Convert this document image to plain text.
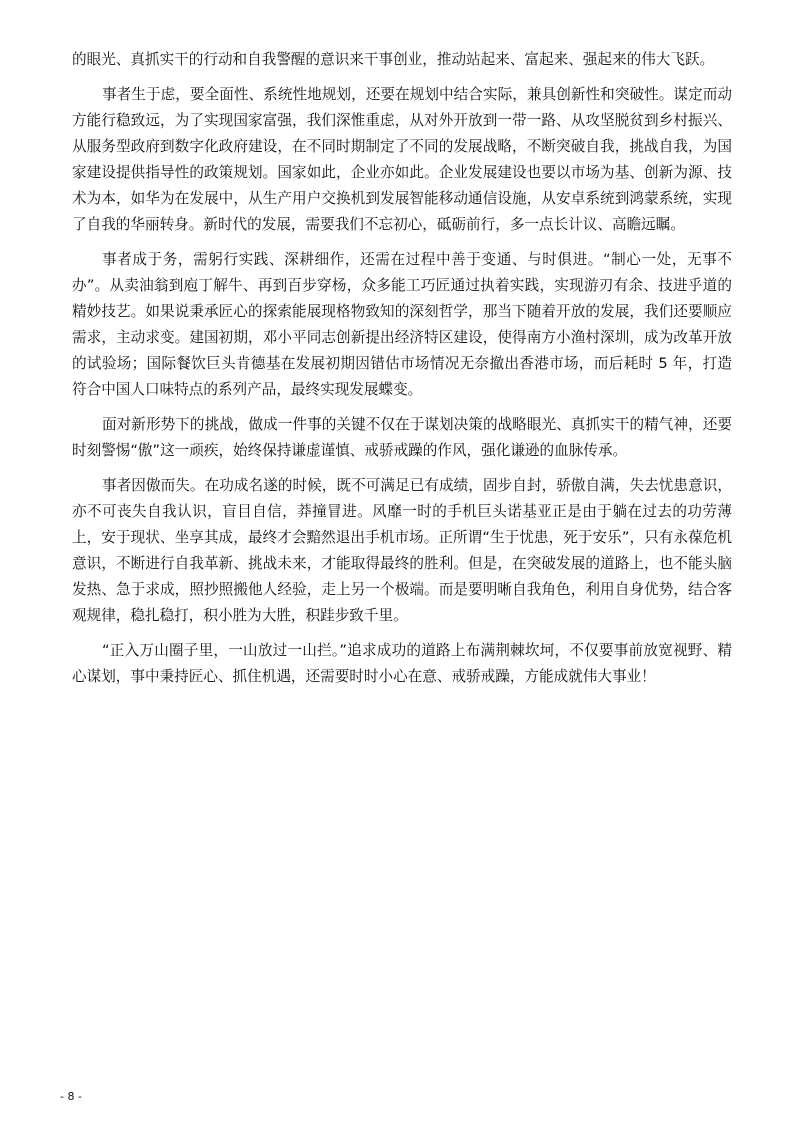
的眼光、真抓实干的行动和自我警醒的意识来干事创业，推动站起来、富起来、强起来的伟大飞跃。

事者生于虑，要全面性、系统性地规划，还要在规划中结合实际，兼具创新性和突破性。谋定而动方能行稳致远，为了实现国家富强，我们深惟重虑，从对外开放到一带一路、从攻坚脱贫到乡村振兴、从服务型政府到数字化政府建设，在不同时期制定了不同的发展战略，不断突破自我，挑战自我，为国家建设提供指导性的政策规划。国家如此，企业亦如此。企业发展建设也要以市场为基、创新为源、技术为本，如华为在发展中，从生产用户交换机到发展智能移动通信设施，从安卓系统到鸿蒙系统，实现了自我的华丽转身。新时代的发展，需要我们不忘初心，砥砺前行，多一点长计议、高瞻远瞩。

事者成于务，需躬行实践、深耕细作，还需在过程中善于变通、与时俱进。“制心一处，无事不办”。从卖油翁到庖丁解牛、再到百步穿杨，众多能工巧匠通过执着实践，实现游刃有余、技进乎道的精妙技艺。如果说秉承匠心的探索能展现格物致知的深刻哲学，那当下随着开放的发展，我们还要顺应需求，主动求变。建国初期，邓小平同志创新提出经济特区建设，使得南方小渔村深圳，成为改革开放的试验场；国际餐饮巨头肯德基在发展初期因错估市场情况无奈撤出香港市场，而后耗时 5 年，打造符合中国人口味特点的系列产品，最终实现发展蝶变。

面对新形势下的挑战，做成一件事的关键不仅在于谋划决策的战略眼光、真抓实干的精气神，还要时刻警惕“傲”这一顽疾，始终保持谦虚谨慎、戒骄戒躁的作风，强化谦逊的血脉传承。

事者因傲而失。在功成名遂的时候，既不可满足已有成绩，固步自封，骄傲自满，失去忧患意识，亦不可丧失自我认识，盲目自信，莽撞冒进。风靡一时的手机巨头诺基亚正是由于躺在过去的功劳薄上，安于现状、坐享其成，最终才会黯然退出手机市场。正所谓“生于忧患，死于安乐”，只有永葆危机意识，不断进行自我革新、挑战未来，才能取得最终的胜利。但是，在突破发展的道路上，也不能头脑发热、急于求成，照抄照搬他人经验，走上另一个极端。而是要明晰自我角色，利用自身优势，结合客观规律，稳扎稳打，积小胜为大胜，积跬步致千里。

“正入万山圈子里，一山放过一山拦。”追求成功的道路上布满荆棘坎坷，不仅要事前放宽视野、精心谋划，事中秉持匠心、抓住机遇，还需要时时小心在意、戒骄戒躁，方能成就伟大事业！

- 8 -
